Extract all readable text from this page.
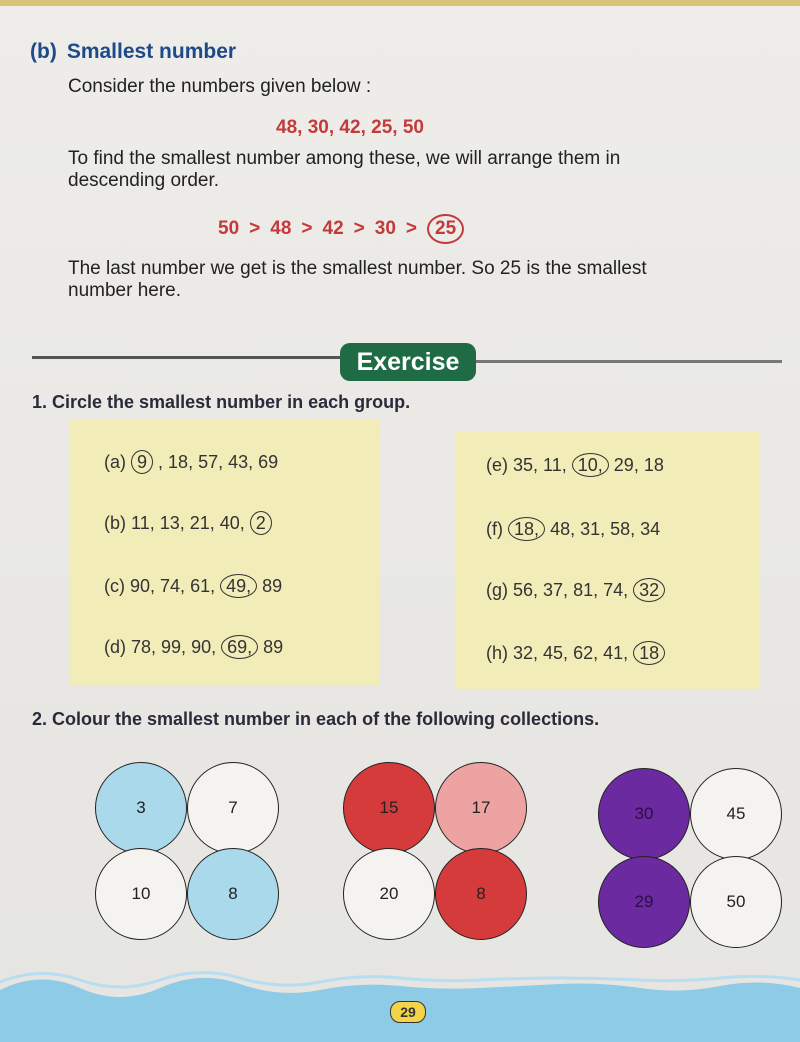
(b) Smallest number
Consider the numbers given below :
48, 30, 42, 25, 50
To find the smallest number among these, we will arrange them in
descending order.
50 > 48 > 42 > 30 > 25
The last number we get is the smallest number. So 25 is the smallest
number here.
Exercise
1. Circle the smallest number in each group.
(a) 9 , 18, 57, 43, 69
(b) 11, 13, 21, 40, 2
(c) 90, 74, 61, 49, 89
(d) 78, 99, 90, 69, 89
(e) 35, 11, 10, 29, 18
(f) 18, 48, 31, 58, 34
(g) 56, 37, 81, 74, 32
(h) 32, 45, 62, 41, 18
2. Colour the smallest number in each of the following collections.
3	7
10	8
15	17
20	8
30	45
29	50
29
